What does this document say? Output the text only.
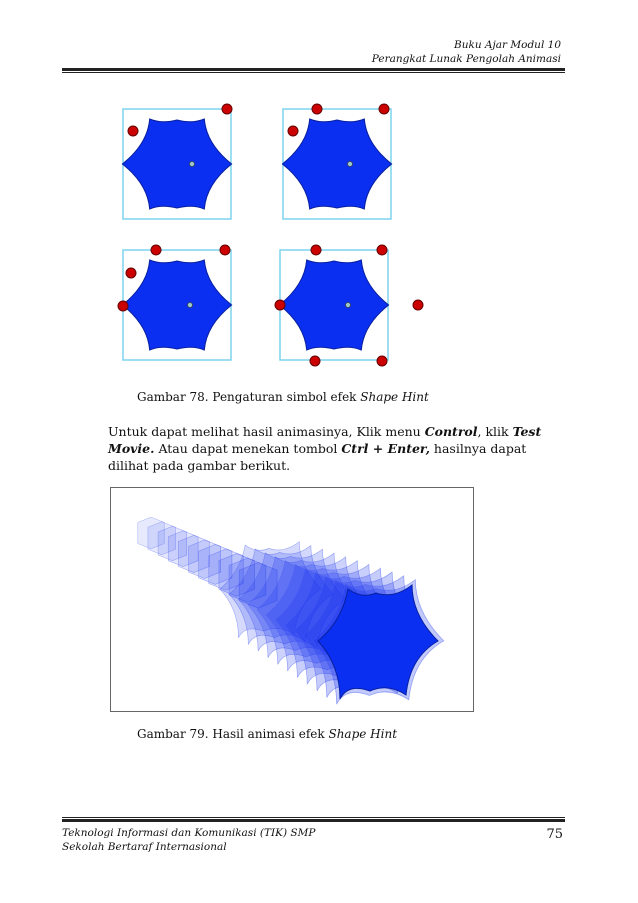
Buku Ajar Modul 10
Perangkat Lunak Pengolah Animasi
Gambar 78. Pengaturan simbol efek Shape Hint
Untuk dapat melihat hasil animasinya, Klik menu Control, klik Test Movie. Atau dapat menekan tombol Ctrl + Enter, hasilnya dapat dilihat pada gambar berikut.
Gambar 79. Hasil animasi efek Shape Hint
Teknologi Informasi dan Komunikasi (TIK) SMP
Sekolah Bertaraf Internasional
75
